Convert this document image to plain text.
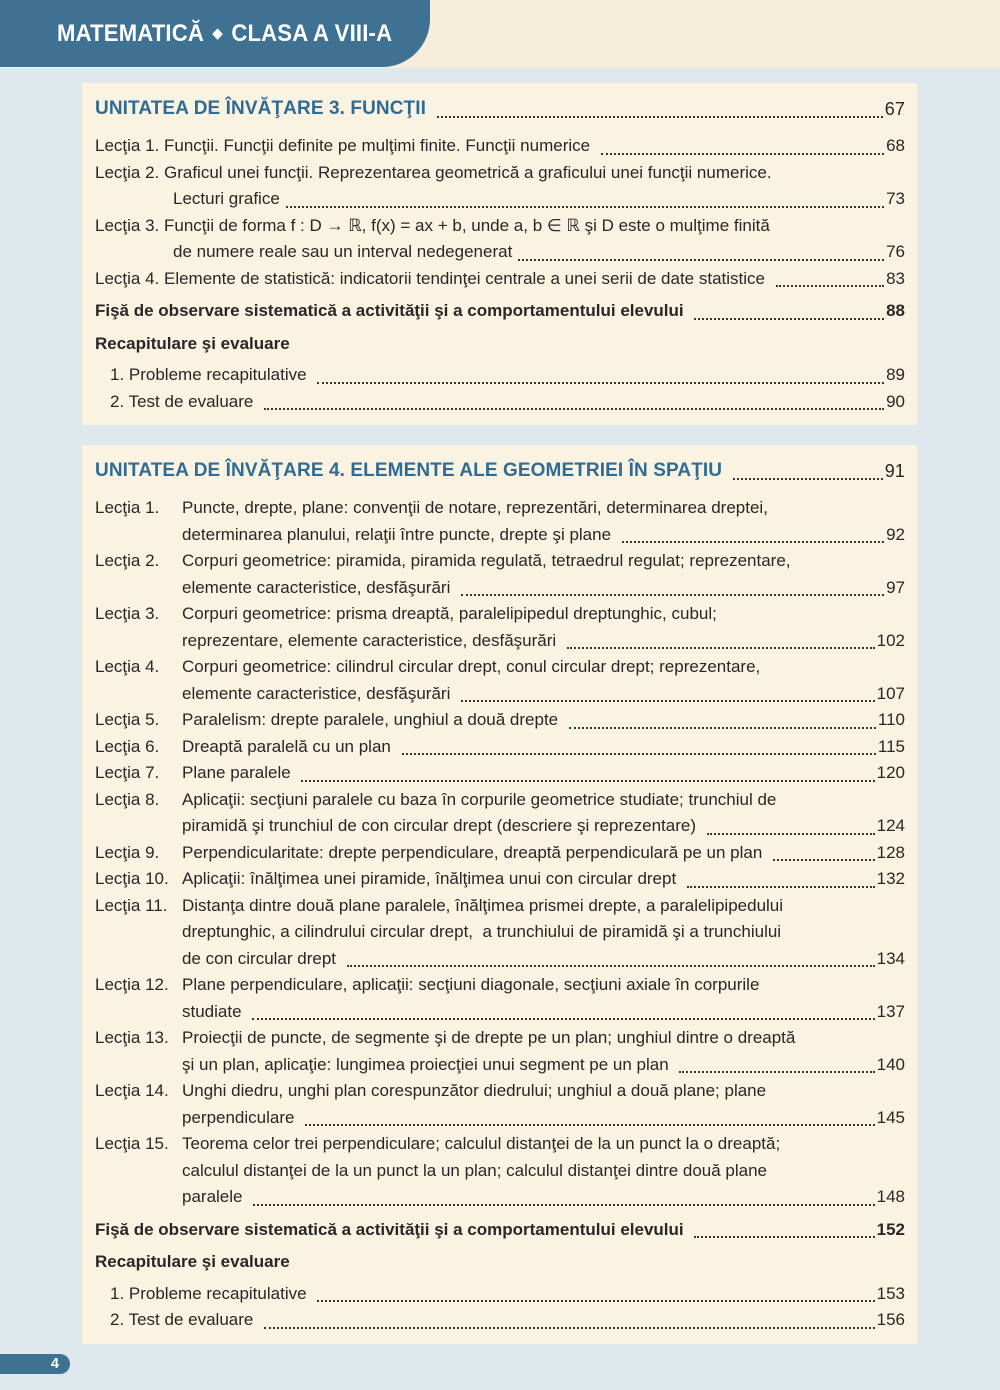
MATEMATICĂ ◆ CLASA A VIII-A
UNITATEA DE ÎNVĂŢARE 3. FUNCŢII	67
Lecţia 1. Funcţii. Funcţii definite pe mulţimi finite. Funcţii numerice	68
Lecţia 2. Graficul unei funcţii. Reprezentarea geometrică a graficului unei funcţii numerice.
Lecturi grafice	73
Lecţia 3. Funcţii de forma f : D → ℝ, f(x) = ax + b, unde a, b ∈ ℝ şi D este o mulţime finită
de numere reale sau un interval nedegenerat	76
Lecţia 4. Elemente de statistică: indicatorii tendinţei centrale a unei serii de date statistice	83
Fişă de observare sistematică a activităţii şi a comportamentului elevului	88
Recapitulare şi evaluare
1. Probleme recapitulative	89
2. Test de evaluare	90
UNITATEA DE ÎNVĂŢARE 4. ELEMENTE ALE GEOMETRIEI ÎN SPAŢIU	91
Lecţia 1.	Puncte, drepte, plane: convenţii de notare, reprezentări, determinarea dreptei,
determinarea planului, relaţii între puncte, drepte şi plane	92
Lecţia 2.	Corpuri geometrice: piramida, piramida regulată, tetraedrul regulat; reprezentare,
elemente caracteristice, desfăşurări	97
Lecţia 3.	Corpuri geometrice: prisma dreaptă, paralelipipedul dreptunghic, cubul;
reprezentare, elemente caracteristice, desfăşurări	102
Lecţia 4.	Corpuri geometrice: cilindrul circular drept, conul circular drept; reprezentare,
elemente caracteristice, desfăşurări	107
Lecţia 5.	Paralelism: drepte paralele, unghiul a două drepte	110
Lecţia 6.	Dreaptă paralelă cu un plan	115
Lecţia 7.	Plane paralele	120
Lecţia 8.	Aplicaţii: secţiuni paralele cu baza în corpurile geometrice studiate; trunchiul de
piramidă şi trunchiul de con circular drept (descriere şi reprezentare)	124
Lecţia 9.	Perpendicularitate: drepte perpendiculare, dreaptă perpendiculară pe un plan	128
Lecţia 10. Aplicaţii: înălţimea unei piramide, înălţimea unui con circular drept	132
Lecţia 11. Distanţa dintre două plane paralele, înălţimea prismei drepte, a paralelipipedului
dreptunghic, a cilindrului circular drept,  a trunchiului de piramidă şi a trunchiului
de con circular drept	134
Lecţia 12. Plane perpendiculare, aplicaţii: secţiuni diagonale, secţiuni axiale în corpurile
studiate	137
Lecţia 13. Proiecţii de puncte, de segmente şi de drepte pe un plan; unghiul dintre o dreaptă
şi un plan, aplicaţie: lungimea proiecţiei unui segment pe un plan	140
Lecţia 14. Unghi diedru, unghi plan corespunzător diedrului; unghiul a două plane; plane
perpendiculare	145
Lecţia 15. Teorema celor trei perpendiculare; calculul distanţei de la un punct la o dreaptă;
calculul distanţei de la un punct la un plan; calculul distanţei dintre două plane
paralele	148
Fişă de observare sistematică a activităţii şi a comportamentului elevului	152
Recapitulare şi evaluare
1. Probleme recapitulative	153
2. Test de evaluare	156
4
